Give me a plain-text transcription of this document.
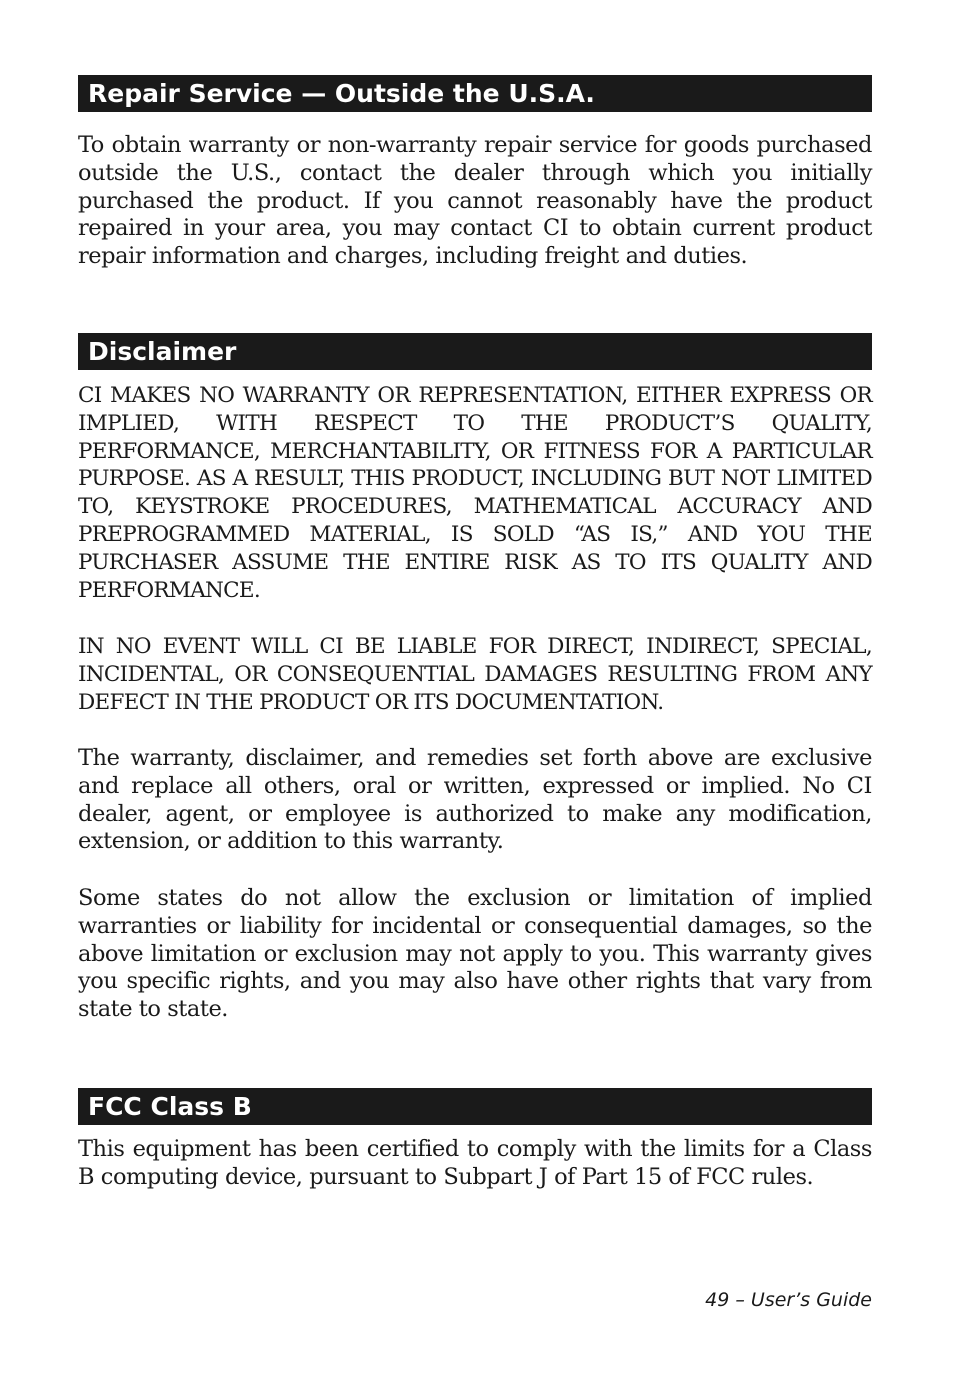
Repair Service — Outside the U.S.A.

To obtain warranty or non-warranty repair service for goods purchased outside the U.S., contact the dealer through which you initially purchased the product. If you cannot reasonably have the product repaired in your area, you may contact CI to obtain current product repair information and charges, including freight and duties.

Disclaimer

CI MAKES NO WARRANTY OR REPRESENTATION, EITHER EXPRESS OR IMPLIED, WITH RESPECT TO THE PRODUCT’S QUALITY, PERFORMANCE, MERCHANTABILITY, OR FITNESS FOR A PARTICULAR PURPOSE. AS A RESULT, THIS PRODUCT, INCLUDING BUT NOT LIMITED TO, KEYSTROKE PROCEDURES, MATHEMATICAL ACCURACY AND PREPROGRAMMED MATERIAL, IS SOLD “AS IS,” AND YOU THE PURCHASER ASSUME THE ENTIRE RISK AS TO ITS QUALITY AND PERFORMANCE.

IN NO EVENT WILL CI BE LIABLE FOR DIRECT, INDIRECT, SPECIAL, INCIDENTAL, OR CONSEQUENTIAL DAMAGES RESULTING FROM ANY DEFECT IN THE PRODUCT OR ITS DOCUMENTATION.

The warranty, disclaimer, and remedies set forth above are exclusive and replace all others, oral or written, expressed or implied. No CI dealer, agent, or employee is authorized to make any modification, extension, or addition to this warranty.

Some states do not allow the exclusion or limitation of implied warranties or liability for incidental or consequential damages, so the above limitation or exclusion may not apply to you. This warranty gives you specific rights, and you may also have other rights that vary from state to state.

FCC Class B

This equipment has been certified to comply with the limits for a Class B computing device, pursuant to Subpart J of Part 15 of FCC rules.

49 – User’s Guide
